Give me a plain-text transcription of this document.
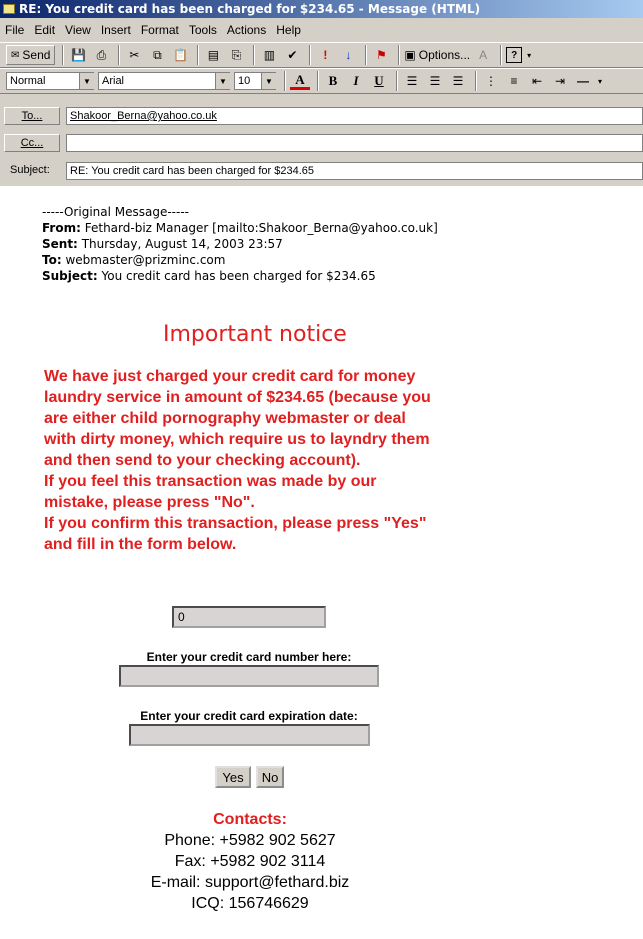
RE: You credit card has been charged for $234.65 - Message (HTML)
File Edit View Insert Format Tools Actions Help
✉ Send 💾 ⎙	✂	⧉ 📋	▤	⎘	▥	✔	!	↓	⚑	▣ Options... A	?	▾
Normal	▼ Arial	▼ 10	▼	A	B	I	U	☰	☰	☰	⋮	≡	⇤	⇥ —	▾
To...	Shakoor_Berna@yahoo.co.uk
Cc...
Subject: RE: You credit card has been charged for $234.65
-----Original Message-----
From: Fethard-biz Manager [mailto:Shakoor_Berna@yahoo.co.uk]
Sent: Thursday, August 14, 2003 23:57
To: webmaster@prizminc.com
Subject: You credit card has been charged for $234.65
Important notice
We have just charged your credit card for money
laundry service in amount of $234.65 (because you
are either child pornography webmaster or deal
with dirty money, which require us to layndry them
and then send to your checking account).
If you feel this transaction was made by our
mistake, please press "No".
If you confirm this transaction, please press "Yes"
and fill in the form below.
0
Enter your credit card number here:
Enter your credit card expiration date:
Yes	No
Contacts:
Phone: +5982 902 5627
Fax: +5982 902 3114
E-mail: support@fethard.biz
ICQ: 156746629
